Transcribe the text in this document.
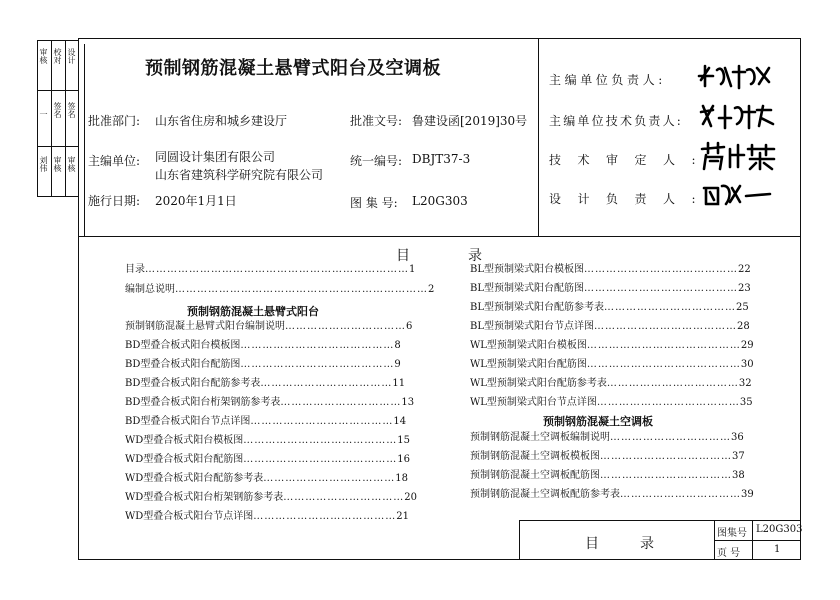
审核 校对 设计
一 签名 签名
刘伟 审核 审核
预制钢筋混凝土悬臂式阳台及空调板
批准部门: 山东省住房和城乡建设厅	批准文号: 鲁建设函[2019]30号
主编单位: 同圆设计集团有限公司
山东省建筑科学研究院有限公司
统一编号: DBJT37-3
施行日期: 2020年1月1日	图 集 号: L20G303
主编单位负责人:
主编单位技术负责人:
技术审定人:
设计负责人:
目	录
目录………………………………………………………………1
编制总说明……………………………………………………………2
预制钢筋混凝土悬臂式阳台
预制钢筋混凝土悬臂式阳台编制说明……………………………6
BD型叠合板式阳台模板图……………………………………8
BD型叠合板式阳台配筋图……………………………………9
BD型叠合板式阳台配筋参考表………………………………11
BD型叠合板式阳台桁架钢筋参考表……………………………13
BD型叠合板式阳台节点详图…………………………………14
WD型叠合板式阳台模板图……………………………………15
WD型叠合板式阳台配筋图……………………………………16
WD型叠合板式阳台配筋参考表………………………………18
WD型叠合板式阳台桁架钢筋参考表……………………………20
WD型叠合板式阳台节点详图…………………………………21
BL型预制梁式阳台模板图……………………………………22
BL型预制梁式阳台配筋图……………………………………23
BL型预制梁式阳台配筋参考表………………………………25
BL型预制梁式阳台节点详图…………………………………28
WL型预制梁式阳台模板图……………………………………29
WL型预制梁式阳台配筋图……………………………………30
WL型预制梁式阳台配筋参考表………………………………32
WL型预制梁式阳台节点详图…………………………………35
预制钢筋混凝土空调板
预制钢筋混凝土空调板编制说明……………………………36
预制钢筋混凝土空调板模板图………………………………37
预制钢筋混凝土空调板配筋图………………………………38
预制钢筋混凝土空调板配筋参考表……………………………39
目	录
图集号 L20G303
页 号	1
